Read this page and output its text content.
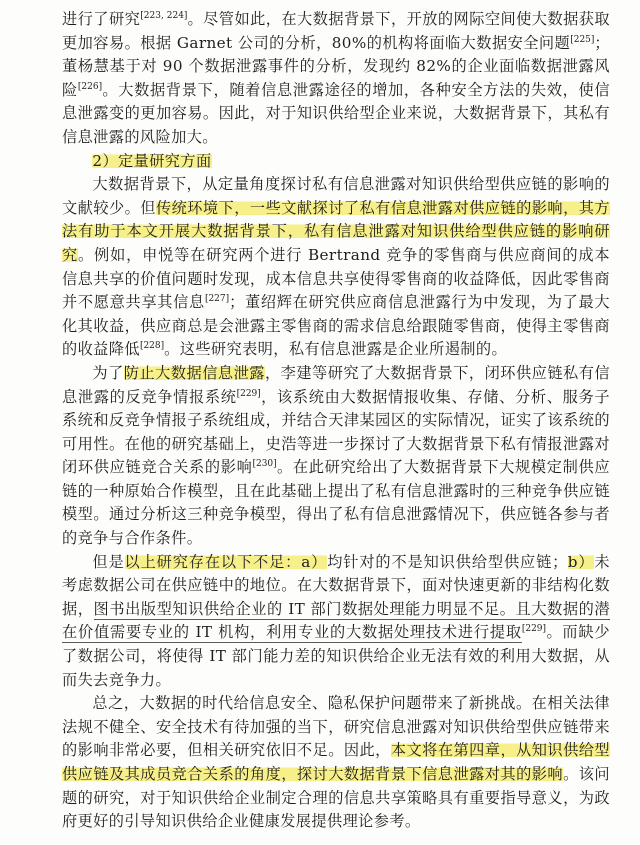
进行了研究[223, 224]。尽管如此，在大数据背景下，开放的网际空间使大数据获取更加容易。根据 Garnet 公司的分析，80%的机构将面临大数据安全问题[225]；董杨慧基于对 90 个数据泄露事件的分析，发现约 82%的企业面临数据泄露风险[226]。大数据背景下，随着信息泄露途径的增加，各种安全方法的失效，使信息泄露变的更加容易。因此，对于知识供给型企业来说，大数据背景下，其私有信息泄露的风险加大。

2）定量研究方面

大数据背景下，从定量角度探讨私有信息泄露对知识供给型供应链的影响的文献较少。但传统环境下，一些文献探讨了私有信息泄露对供应链的影响，其方法有助于本文开展大数据背景下，私有信息泄露对知识供给型供应链的影响研究。例如，申悦等在研究两个进行 Bertrand 竞争的零售商与供应商间的成本信息共享的价值问题时发现，成本信息共享使得零售商的收益降低，因此零售商并不愿意共享其信息[227]；董绍辉在研究供应商信息泄露行为中发现，为了最大化其收益，供应商总是会泄露主零售商的需求信息给跟随零售商，使得主零售商的收益降低[228]。这些研究表明，私有信息泄露是企业所遏制的。

为了防止大数据信息泄露，李建等研究了大数据背景下，闭环供应链私有信息泄露的反竞争情报系统[229]，该系统由大数据情报收集、存储、分析、服务子系统和反竞争情报子系统组成，并结合天津某园区的实际情况，证实了该系统的可用性。在他的研究基础上，史浩等进一步探讨了大数据背景下私有情报泄露对闭环供应链竞合关系的影响[230]。在此研究给出了大数据背景下大规模定制供应链的一种原始合作模型，且在此基础上提出了私有信息泄露时的三种竞争供应链模型。通过分析这三种竞争模型，得出了私有信息泄露情况下，供应链各参与者的竞争与合作条件。

但是以上研究存在以下不足：a）均针对的不是知识供给型供应链；b）未考虑数据公司在供应链中的地位。在大数据背景下，面对快速更新的非结构化数据，图书出版型知识供给企业的 IT 部门数据处理能力明显不足。且大数据的潜在价值需要专业的 IT 机构，利用专业的大数据处理技术进行提取[229]。而缺少了数据公司，将使得 IT 部门能力差的知识供给企业无法有效的利用大数据，从而失去竞争力。

总之，大数据的时代给信息安全、隐私保护问题带来了新挑战。在相关法律法规不健全、安全技术有待加强的当下，研究信息泄露对知识供给型供应链带来的影响非常必要，但相关研究依旧不足。因此，本文将在第四章，从知识供给型供应链及其成员竞合关系的角度，探讨大数据背景下信息泄露对其的影响。该问题的研究，对于知识供给企业制定合理的信息共享策略具有重要指导意义，为政府更好的引导知识供给企业健康发展提供理论参考。
